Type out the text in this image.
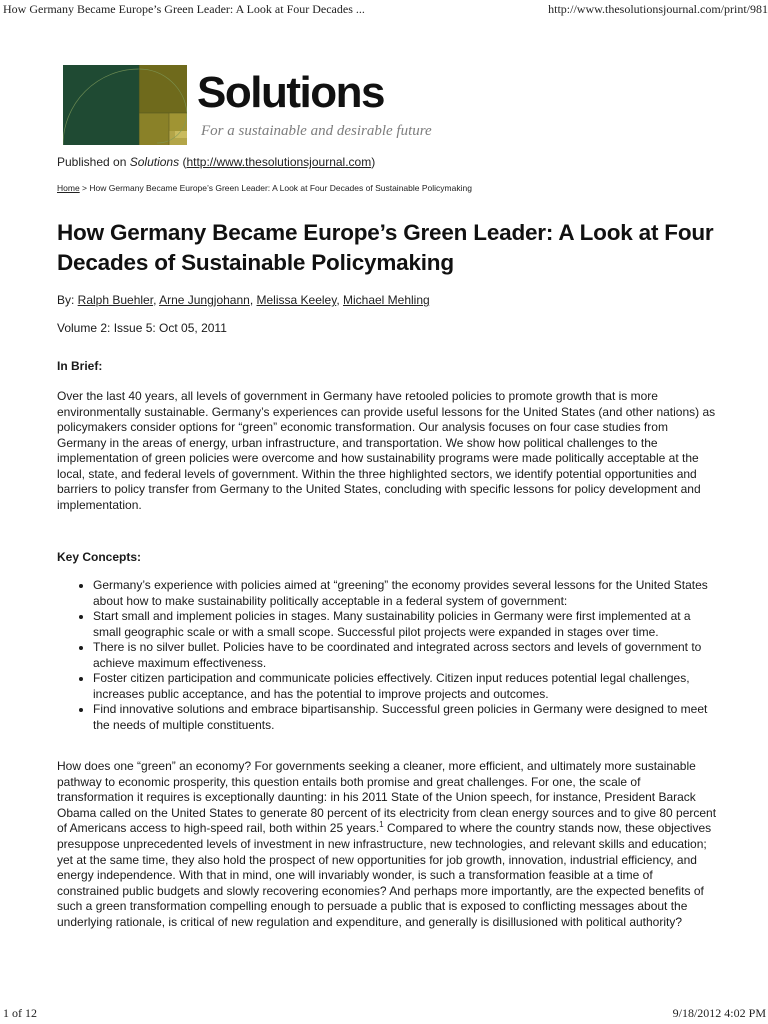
How Germany Became Europe’s Green Leader: A Look at Four Decades ...	http://www.thesolutionsjournal.com/print/981
Solutions
For a sustainable and desirable future

Published on Solutions (http://www.thesolutionsjournal.com)

Home > How Germany Became Europe’s Green Leader: A Look at Four Decades of Sustainable Policymaking

How Germany Became Europe’s Green Leader: A Look at Four Decades of Sustainable Policymaking

By: Ralph Buehler, Arne Jungjohann, Melissa Keeley, Michael Mehling

Volume 2: Issue 5: Oct 05, 2011

In Brief:

Over the last 40 years, all levels of government in Germany have retooled policies to promote growth that is more environmentally sustainable. Germany’s experiences can provide useful lessons for the United States (and other nations) as policymakers consider options for “green” economic transformation. Our analysis focuses on four case studies from Germany in the areas of energy, urban infrastructure, and transportation. We show how political challenges to the implementation of green policies were overcome and how sustainability programs were made politically acceptable at the local, state, and federal levels of government. Within the three highlighted sectors, we identify potential opportunities and barriers to policy transfer from Germany to the United States, concluding with specific lessons for policy development and implementation.

Key Concepts:

• Germany’s experience with policies aimed at “greening” the economy provides several lessons for the United States about how to make sustainability politically acceptable in a federal system of government:
• Start small and implement policies in stages. Many sustainability policies in Germany were first implemented at a small geographic scale or with a small scope. Successful pilot projects were expanded in stages over time.
• There is no silver bullet. Policies have to be coordinated and integrated across sectors and levels of government to achieve maximum effectiveness.
• Foster citizen participation and communicate policies effectively. Citizen input reduces potential legal challenges, increases public acceptance, and has the potential to improve projects and outcomes.
• Find innovative solutions and embrace bipartisanship. Successful green policies in Germany were designed to meet the needs of multiple constituents.

How does one “green” an economy? For governments seeking a cleaner, more efficient, and ultimately more sustainable pathway to economic prosperity, this question entails both promise and great challenges. For one, the scale of transformation it requires is exceptionally daunting: in his 2011 State of the Union speech, for instance, President Barack Obama called on the United States to generate 80 percent of its electricity from clean energy sources and to give 80 percent of Americans access to high-speed rail, both within 25 years.$^1$ Compared to where the country stands now, these objectives presuppose unprecedented levels of investment in new infrastructure, new technologies, and relevant skills and education; yet at the same time, they also hold the prospect of new opportunities for job growth, innovation, industrial efficiency, and energy independence. With that in mind, one will invariably wonder, is such a transformation feasible at a time of constrained public budgets and slowly recovering economies? And perhaps more importantly, are the expected benefits of such a green transformation compelling enough to persuade a public that is exposed to conflicting messages about the underlying rationale, is critical of new regulation and expenditure, and generally is disillusioned with political authority?

1 of 12	9/18/2012 4:02 PM
